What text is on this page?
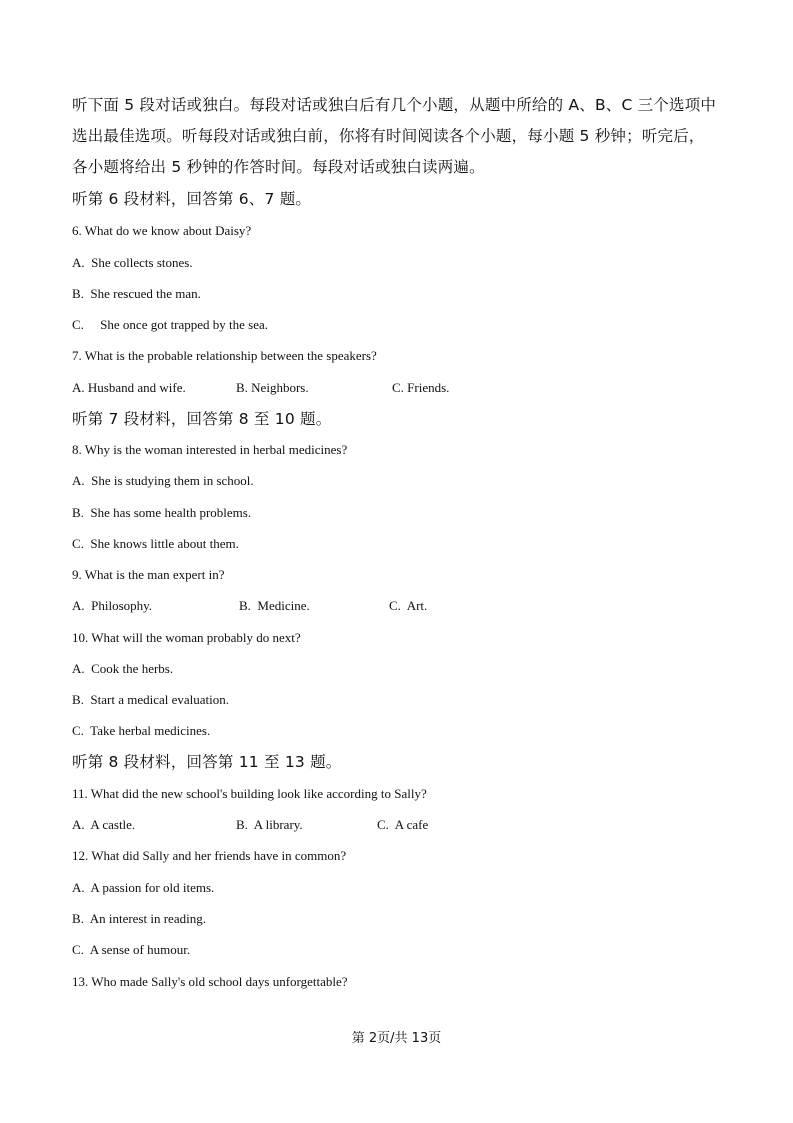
听下面 5 段对话或独白。每段对话或独白后有几个小题，从题中所给的 A、B、C 三个选项中
选出最佳选项。听每段对话或独白前，你将有时间阅读各个小题，每小题 5 秒钟；听完后，
各小题将给出 5 秒钟的作答时间。每段对话或独白读两遍。
听第 6 段材料，回答第 6、7 题。
6. What do we know about Daisy?
A.  She collects stones.
B.  She rescued the man.
C.     She once got trapped by the sea.
7. What is the probable relationship between the speakers?
A. Husband and wife.	B. Neighbors.	C. Friends.
听第 7 段材料，回答第 8 至 10 题。
8. Why is the woman interested in herbal medicines?
A.  She is studying them in school.
B.  She has some health problems.
C.  She knows little about them.
9. What is the man expert in?
A.  Philosophy.	B.  Medicine.	C.  Art.
10. What will the woman probably do next?
A.  Cook the herbs.
B.  Start a medical evaluation.
C.  Take herbal medicines.
听第 8 段材料，回答第 11 至 13 题。
11. What did the new school's building look like according to Sally?
A.  A castle.	B.  A library.	C.  A cafe
12. What did Sally and her friends have in common?
A.  A passion for old items.
B.  An interest in reading.
C.  A sense of humour.
13. Who made Sally's old school days unforgettable?
第 2页/共 13页
